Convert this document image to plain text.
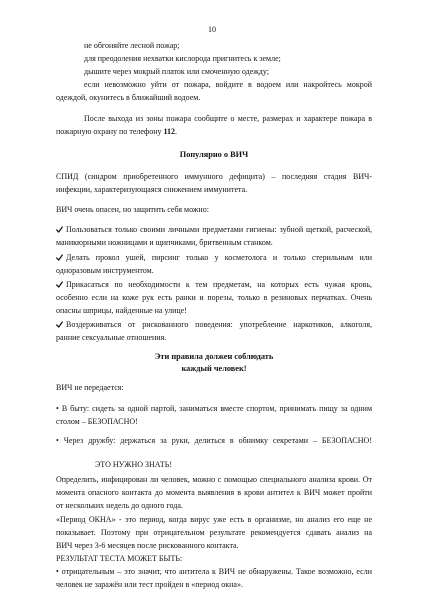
10
не обгоняйте лесной пожар;
для преодоления нехватки кислорода пригнитесь к земле;
дышите через мокрый платок или смоченную одежду;
если невозможно уйти от пожара, войдите в водоем или накройтесь мокрой
одеждой, окунитесь в ближайший водоем.
После выхода из зоны пожара сообщите о месте, размерах и характере пожара в
пожарную охрану по телефону 112.
Популярно о ВИЧ
СПИД (синдром приобретенного иммунного дефицита) – последняя стадия ВИЧ-
инфекции, характеризующаяся снижением иммунитета.
ВИЧ очень опасен, но защитить себя можно:
Пользоваться только своими личными предметами гигиены: зубной щеткой, расческой,
маникюрными ножницами и щипчиками, бритвенным станком.
Делать прокол ушей, пирсинг только у косметолога и только стерильным или
одноразовым инструментом.
Прикасаться по необходимости к тем предметам, на которых есть чужая кровь,
особенно если на коже рук есть ранки и порезы, только в резиновых перчатках. Очень
опасны шприцы, найденные на улице!
Воздерживаться от рискованного поведения: употребление наркотиков, алкоголя,
ранние сексуальные отношения.
Эти правила должен соблюдать
каждый человек!
ВИЧ не передается:
• В быту: сидеть за одной партой, заниматься вместе спортом, принимать пищу за одним
столом – БЕЗОПАСНО!
• Через дружбу: держаться за руки, делиться в обнимку секретами – БЕЗОПАСНО!
ЭТО НУЖНО ЗНАТЬ!
Определить, инфицирован ли человек, можно с помощью специального анализа крови. От
момента опасного контакта до момента выявления в крови антител к ВИЧ может пройти
от нескольких недель до одного года.
«Период ОКНА» - это период, когда вирус уже есть в организме, но анализ его еще не
показывает. Поэтому при отрицательном результате рекомендуется сдавать анализ на
ВИЧ через 3-6 месяцев после рискованного контакта.
РЕЗУЛЬТАТ ТЕСТА МОЖЕТ БЫТЬ:
• отрицательным – это значит, что антитела к ВИЧ не обнаружены. Такое возможно, если
человек не заражён или тест пройден в «период окна».
